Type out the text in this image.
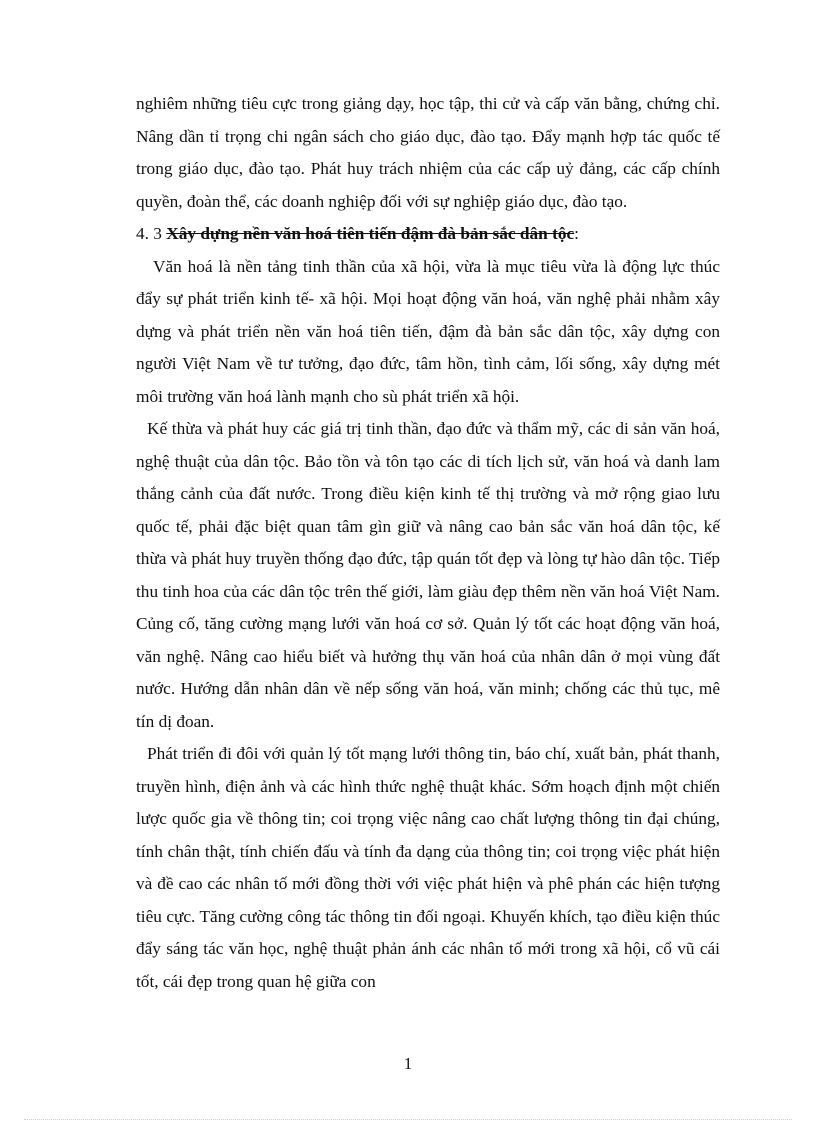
nghiêm những tiêu cực trong giảng dạy, học tập, thi cử và cấp văn bằng, chứng chỉ. Nâng dần tỉ trọng chi ngân sách cho giáo dục, đào tạo. Đẩy mạnh hợp tác quốc tế trong giáo dục, đào tạo. Phát huy trách nhiệm của các cấp uỷ đảng, các cấp chính quyền, đoàn thể, các doanh nghiệp đối với sự nghiệp giáo dục, đào tạo.

4. 3 Xây dựng nền văn hoá tiên tiến đậm đà bản sắc dân tộc:

Văn hoá là nền tảng tinh thần của xã hội, vừa là mục tiêu vừa là động lực thúc đẩy sự phát triển kinh tế- xã hội. Mọi hoạt động văn hoá, văn nghệ phải nhằm xây dựng và phát triển nền văn hoá tiên tiến, đậm đà bản sắc dân tộc, xây dựng con người Việt Nam về tư tưởng, đạo đức, tâm hồn, tình cảm, lối sống, xây dựng mét môi trường văn hoá lành mạnh cho sù phát triển xã hội.

Kế thừa và phát huy các giá trị tinh thần, đạo đức và thẩm mỹ, các di sản văn hoá, nghệ thuật của dân tộc. Bảo tồn và tôn tạo các di tích lịch sử, văn hoá và danh lam thắng cảnh của đất nước. Trong điều kiện kinh tế thị trường và mở rộng giao lưu quốc tế, phải đặc biệt quan tâm gìn giữ và nâng cao bản sắc văn hoá dân tộc, kế thừa và phát huy truyền thống đạo đức, tập quán tốt đẹp và lòng tự hào dân tộc. Tiếp thu tinh hoa của các dân tộc trên thế giới, làm giàu đẹp thêm nền văn hoá Việt Nam. Củng cố, tăng cường mạng lưới văn hoá cơ sở. Quản lý tốt các hoạt động văn hoá, văn nghệ. Nâng cao hiểu biết và hưởng thụ văn hoá của nhân dân ở mọi vùng đất nước. Hướng dẫn nhân dân về nếp sống văn hoá, văn minh; chống các thủ tục, mê tín dị đoan.

Phát triển đi đôi với quản lý tốt mạng lưới thông tin, báo chí, xuất bản, phát thanh, truyền hình, điện ảnh và các hình thức nghệ thuật khác. Sớm hoạch định một chiến lược quốc gia về thông tin; coi trọng việc nâng cao chất lượng thông tin đại chúng, tính chân thật, tính chiến đấu và tính đa dạng của thông tin; coi trọng việc phát hiện và đề cao các nhân tố mới đồng thời với việc phát hiện và phê phán các hiện tượng tiêu cực. Tăng cường công tác thông tin đối ngoại. Khuyến khích, tạo điều kiện thúc đẩy sáng tác văn học, nghệ thuật phản ánh các nhân tố mới trong xã hội, cổ vũ cái tốt, cái đẹp trong quan hệ giữa con

1
